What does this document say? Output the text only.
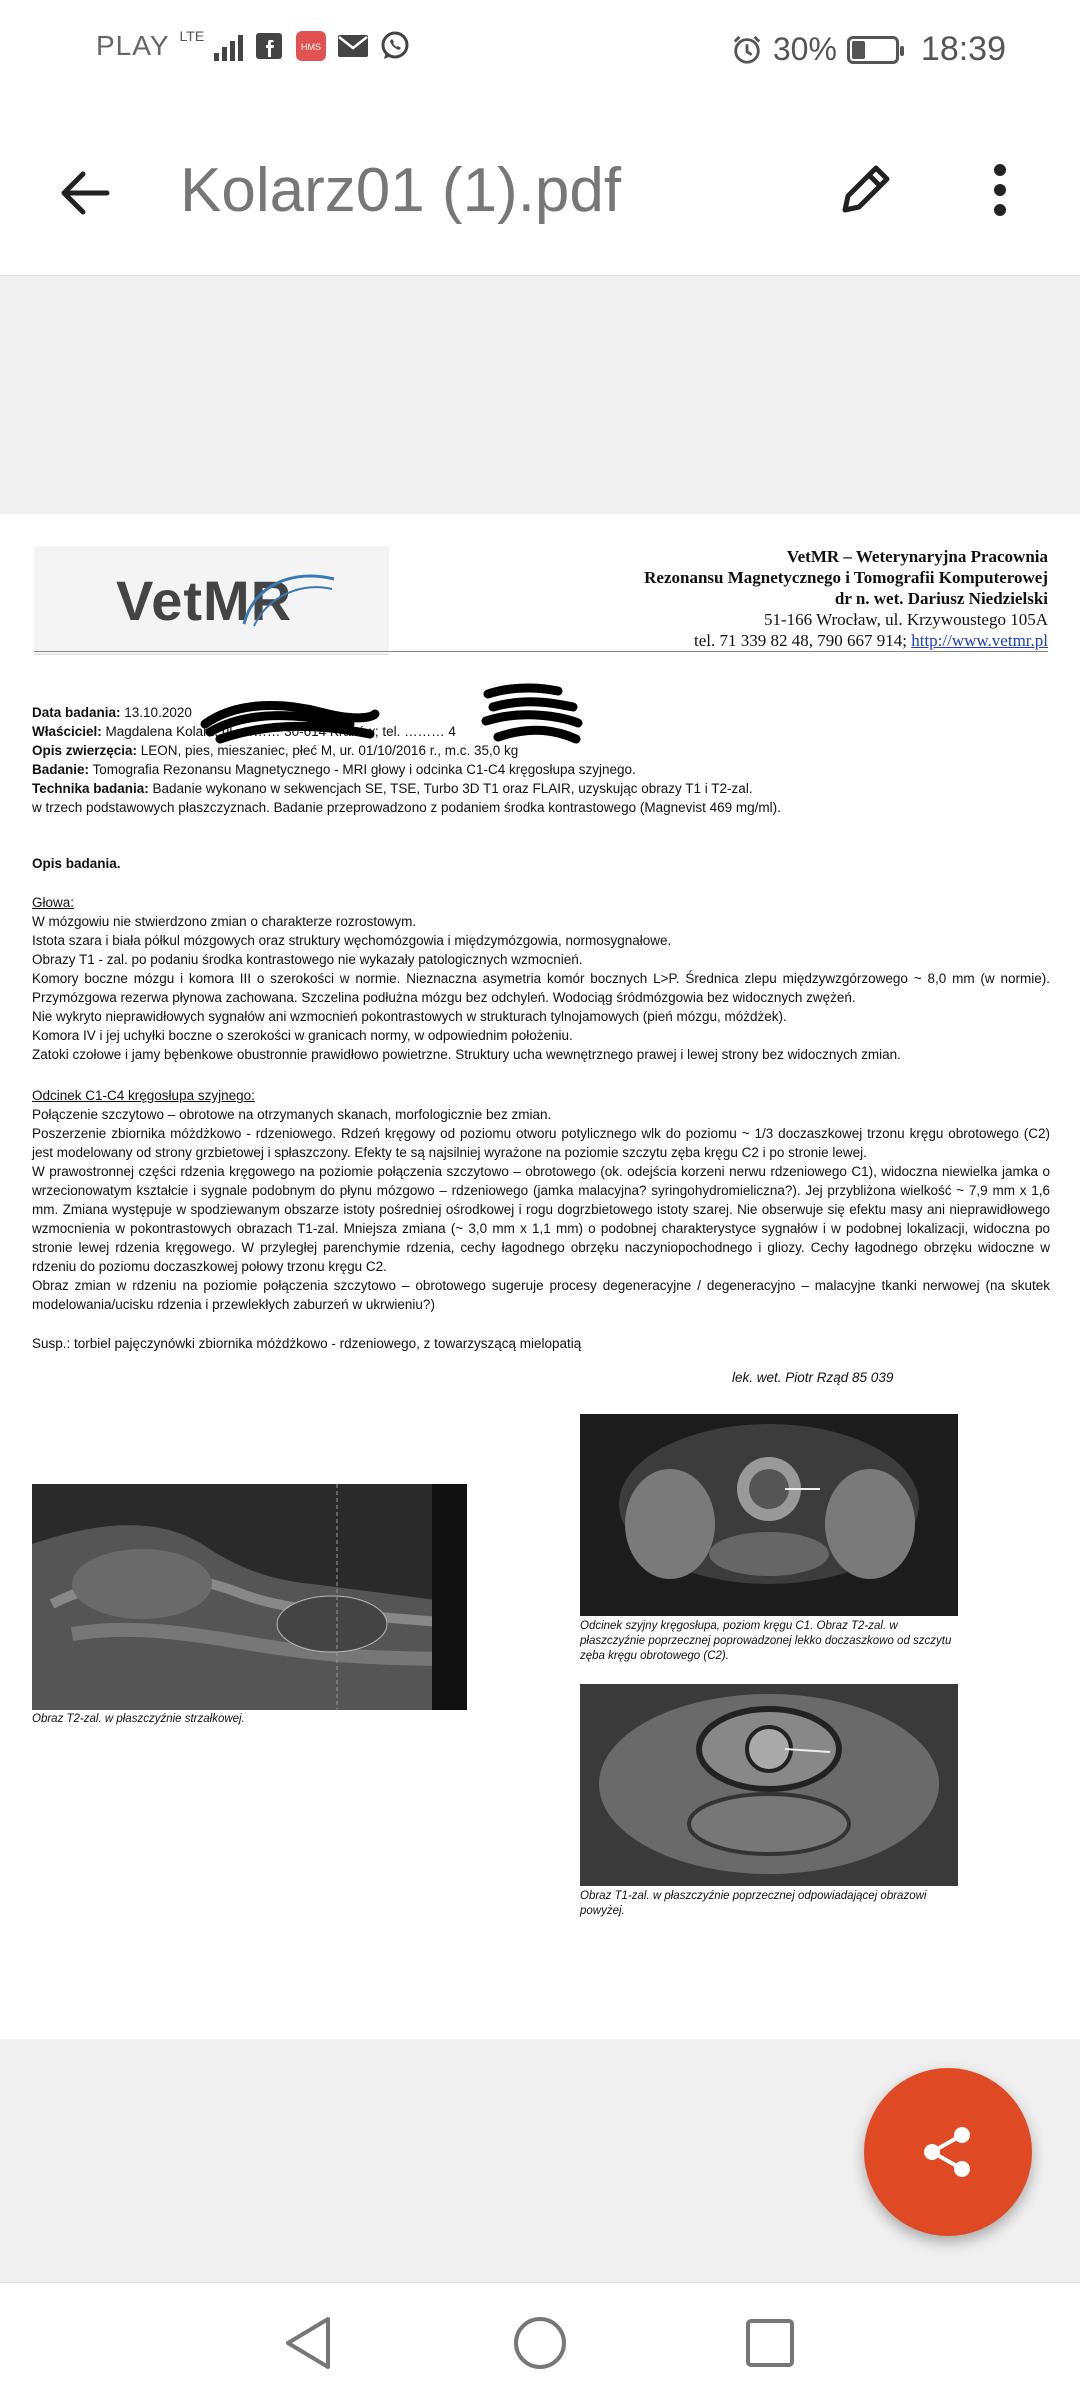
PLAY LTE
HMS	30% 18:39
Kolarz01 (1).pdf
VetMR
VetMR – Weterynaryjna Pracownia
Rezonansu Magnetycznego i Tomografii Komputerowej
dr n. wet. Dariusz Niedzielski
51-166 Wrocław, ul. Krzywoustego 105A
tel. 71 339 82 48, 790 667 914; http://www.vetmr.pl

Data badania: 13.10.2020

Właściciel: Magdalena Kolarz, ul. ……… 30-614 Kraków; tel. ……… 4

Opis zwierzęcia: LEON, pies, mieszaniec, płeć M, ur. 01/10/2016 r., m.c. 35,0 kg

Badanie: Tomografia Rezonansu Magnetycznego - MRI głowy i odcinka C1-C4 kręgosłupa szyjnego.

Technika badania: Badanie wykonano w sekwencjach SE, TSE, Turbo 3D T1 oraz FLAIR, uzyskując obrazy T1 i T2-zal.

w trzech podstawowych płaszczyznach. Badanie przeprowadzono z podaniem środka kontrastowego (Magnevist 469 mg/ml).

Opis badania.

Głowa:

W mózgowiu nie stwierdzono zmian o charakterze rozrostowym.

Istota szara i biała półkul mózgowych oraz struktury węchomózgowia i międzymózgowia, normosygnałowe.

Obrazy T1 - zal. po podaniu środka kontrastowego nie wykazały patologicznych wzmocnień.

Komory boczne mózgu i komora III o szerokości w normie. Nieznaczna asymetria komór bocznych L>P. Średnica zlepu międzywzgórzowego ~ 8,0 mm (w normie). Przymózgowa rezerwa płynowa zachowana. Szczelina podłużna mózgu bez odchyleń. Wodociąg śródmózgowia bez widocznych zwężeń.

Nie wykryto nieprawidłowych sygnałów ani wzmocnień pokontrastowych w strukturach tylnojamowych (pień mózgu, móżdżek).

Komora IV i jej uchyłki boczne o szerokości w granicach normy, w odpowiednim położeniu.

Zatoki czołowe i jamy bębenkowe obustronnie prawidłowo powietrzne. Struktury ucha wewnętrznego prawej i lewej strony bez widocznych zmian.

Odcinek C1-C4 kręgosłupa szyjnego:

Połączenie szczytowo – obrotowe na otrzymanych skanach, morfologicznie bez zmian.

Poszerzenie zbiornika móżdżkowo - rdzeniowego. Rdzeń kręgowy od poziomu otworu potylicznego wlk do poziomu ~ 1/3 doczaszkowej trzonu kręgu obrotowego (C2) jest modelowany od strony grzbietowej i spłaszczony. Efekty te są najsilniej wyrażone na poziomie szczytu zęba kręgu C2 i po stronie lewej.

W prawostronnej części rdzenia kręgowego na poziomie połączenia szczytowo – obrotowego (ok. odejścia korzeni nerwu rdzeniowego C1), widoczna niewielka jamka o wrzecionowatym kształcie i sygnale podobnym do płynu mózgowo – rdzeniowego (jamka malacyjna? syringohydromieliczna?). Jej przybliżona wielkość ~ 7,9 mm x 1,6 mm. Zmiana występuje w spodziewanym obszarze istoty pośredniej ośrodkowej i rogu dogrzbietowego istoty szarej. Nie obserwuje się efektu masy ani nieprawidłowego wzmocnienia w pokontrastowych obrazach T1-zal. Mniejsza zmiana (~ 3,0 mm x 1,1 mm) o podobnej charakterystyce sygnałów i w podobnej lokalizacji, widoczna po stronie lewej rdzenia kręgowego. W przyległej parenchymie rdzenia, cechy łagodnego obrzęku naczyniopochodnego i gliozy. Cechy łagodnego obrzęku widoczne w rdzeniu do poziomu doczaszkowej połowy trzonu kręgu C2.

Obraz zmian w rdzeniu na poziomie połączenia szczytowo – obrotowego sugeruje procesy degeneracyjne / degeneracyjno – malacyjne tkanki nerwowej (na skutek modelowania/ucisku rdzenia i przewlekłych zaburzeń w ukrwieniu?)

Susp.: torbiel pajęczynówki zbiornika móżdżkowo - rdzeniowego, z towarzyszącą mielopatią

lek. wet. Piotr Rząd 85 039
Obraz T2-zal. w płaszczyźnie strzałkowej.
Odcinek szyjny kręgosłupa, poziom kręgu C1. Obraz T2-zal. w płaszczyźnie poprzecznej poprowadzonej lekko doczaszkowo od szczytu zęba kręgu obrotowego (C2).
Obraz T1-zal. w płaszczyźnie poprzecznej odpowiadającej obrazowi powyżej.
